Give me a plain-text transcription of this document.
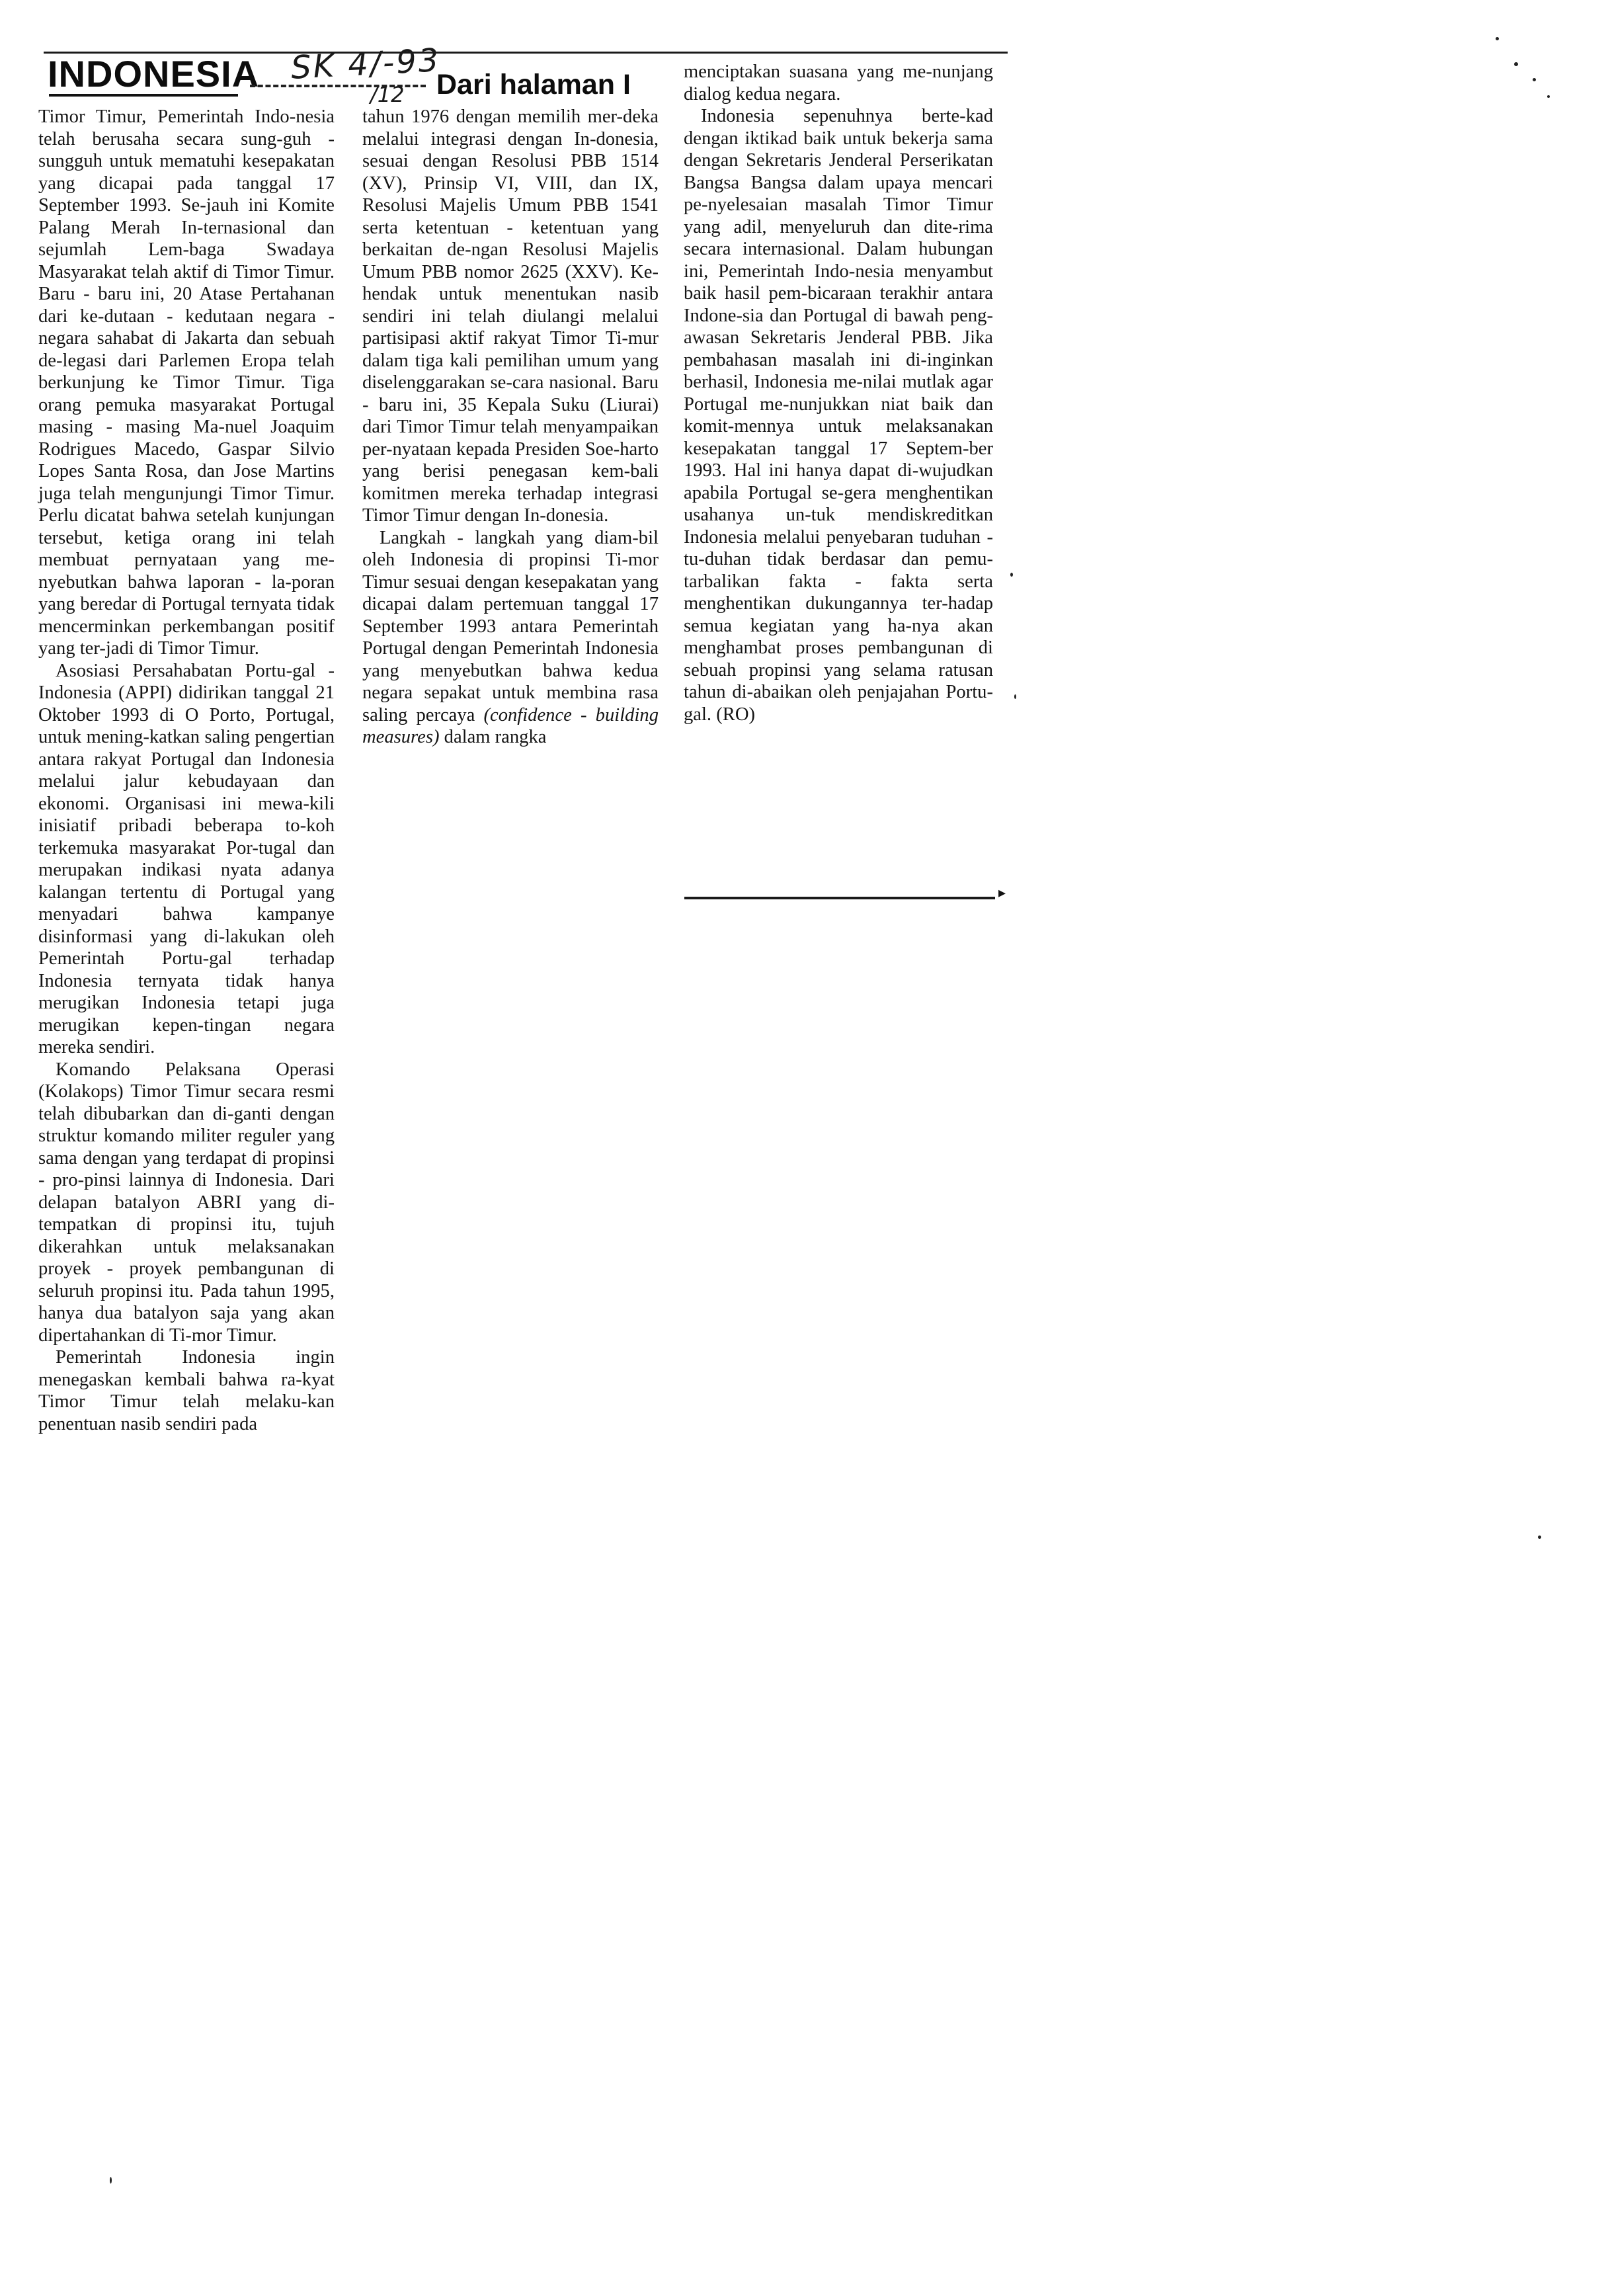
INDONESIA SK 4/-93
/12 Dari halaman I

Timor Timur, Pemerintah Indo-nesia telah berusaha secara sung-guh - sungguh untuk mematuhi kesepakatan yang dicapai pada tanggal 17 September 1993. Se-jauh ini Komite Palang Merah In-ternasional dan sejumlah Lem-baga Swadaya Masyarakat telah aktif di Timor Timur. Baru - baru ini, 20 Atase Pertahanan dari ke-dutaan - kedutaan negara - negara sahabat di Jakarta dan sebuah de-legasi dari Parlemen Eropa telah berkunjung ke Timor Timur. Tiga orang pemuka masyarakat Portugal masing - masing Ma-nuel Joaquim Rodrigues Macedo, Gaspar Silvio Lopes Santa Rosa, dan Jose Martins juga telah mengunjungi Timor Timur. Perlu dicatat bahwa setelah kunjungan tersebut, ketiga orang ini telah membuat pernyataan yang me-nyebutkan bahwa laporan - la-poran yang beredar di Portugal ternyata tidak mencerminkan perkembangan positif yang ter-jadi di Timor Timur.

Asosiasi Persahabatan Portu-gal - Indonesia (APPI) didirikan tanggal 21 Oktober 1993 di O Porto, Portugal, untuk mening-katkan saling pengertian antara rakyat Portugal dan Indonesia melalui jalur kebudayaan dan ekonomi. Organisasi ini mewa-kili inisiatif pribadi beberapa to-koh terkemuka masyarakat Por-tugal dan merupakan indikasi nyata adanya kalangan tertentu di Portugal yang menyadari bahwa kampanye disinformasi yang di-lakukan oleh Pemerintah Portu-gal terhadap Indonesia ternyata tidak hanya merugikan Indonesia tetapi juga merugikan kepen-tingan negara mereka sendiri.

Komando Pelaksana Operasi (Kolakops) Timor Timur secara resmi telah dibubarkan dan di-ganti dengan struktur komando militer reguler yang sama dengan yang terdapat di propinsi - pro-pinsi lainnya di Indonesia. Dari delapan batalyon ABRI yang di-tempatkan di propinsi itu, tujuh dikerahkan untuk melaksanakan proyek - proyek pembangunan di seluruh propinsi itu. Pada tahun 1995, hanya dua batalyon saja yang akan dipertahankan di Ti-mor Timur.

Pemerintah Indonesia ingin menegaskan kembali bahwa ra-kyat Timor Timur telah melaku-kan penentuan nasib sendiri pada

tahun 1976 dengan memilih mer-deka melalui integrasi dengan In-donesia, sesuai dengan Resolusi PBB 1514 (XV), Prinsip VI, VIII, dan IX, Resolusi Majelis Umum PBB 1541 serta ketentuan - ketentuan yang berkaitan de-ngan Resolusi Majelis Umum PBB nomor 2625 (XXV). Ke-hendak untuk menentukan nasib sendiri ini telah diulangi melalui partisipasi aktif rakyat Timor Ti-mur dalam tiga kali pemilihan umum yang diselenggarakan se-cara nasional. Baru - baru ini, 35 Kepala Suku (Liurai) dari Timor Timur telah menyampaikan per-nyataan kepada Presiden Soe-harto yang berisi penegasan kem-bali komitmen mereka terhadap integrasi Timor Timur dengan In-donesia.

Langkah - langkah yang diam-bil oleh Indonesia di propinsi Ti-mor Timur sesuai dengan kesepakatan yang dicapai dalam pertemuan tanggal 17 September 1993 antara Pemerintah Portugal dengan Pemerintah Indonesia yang menyebutkan bahwa kedua negara sepakat untuk membina rasa saling percaya (confidence - building measures) dalam rangka

menciptakan suasana yang me-nunjang dialog kedua negara.

Indonesia sepenuhnya berte-kad dengan iktikad baik untuk bekerja sama dengan Sekretaris Jenderal Perserikatan Bangsa Bangsa dalam upaya mencari pe-nyelesaian masalah Timor Timur yang adil, menyeluruh dan dite-rima secara internasional. Dalam hubungan ini, Pemerintah Indo-nesia menyambut baik hasil pem-bicaraan terakhir antara Indone-sia dan Portugal di bawah peng-awasan Sekretaris Jenderal PBB. Jika pembahasan masalah ini di-inginkan berhasil, Indonesia me-nilai mutlak agar Portugal me-nunjukkan niat baik dan komit-mennya untuk melaksanakan kesepakatan tanggal 17 Septem-ber 1993. Hal ini hanya dapat di-wujudkan apabila Portugal se-gera menghentikan usahanya un-tuk mendiskreditkan Indonesia melalui penyebaran tuduhan - tu-duhan tidak berdasar dan pemu-tarbalikan fakta - fakta serta menghentikan dukungannya ter-hadap semua kegiatan yang ha-nya akan menghambat proses pembangunan di sebuah propinsi yang selama ratusan tahun di-abaikan oleh penjajahan Portu-gal. (RO)

▸
